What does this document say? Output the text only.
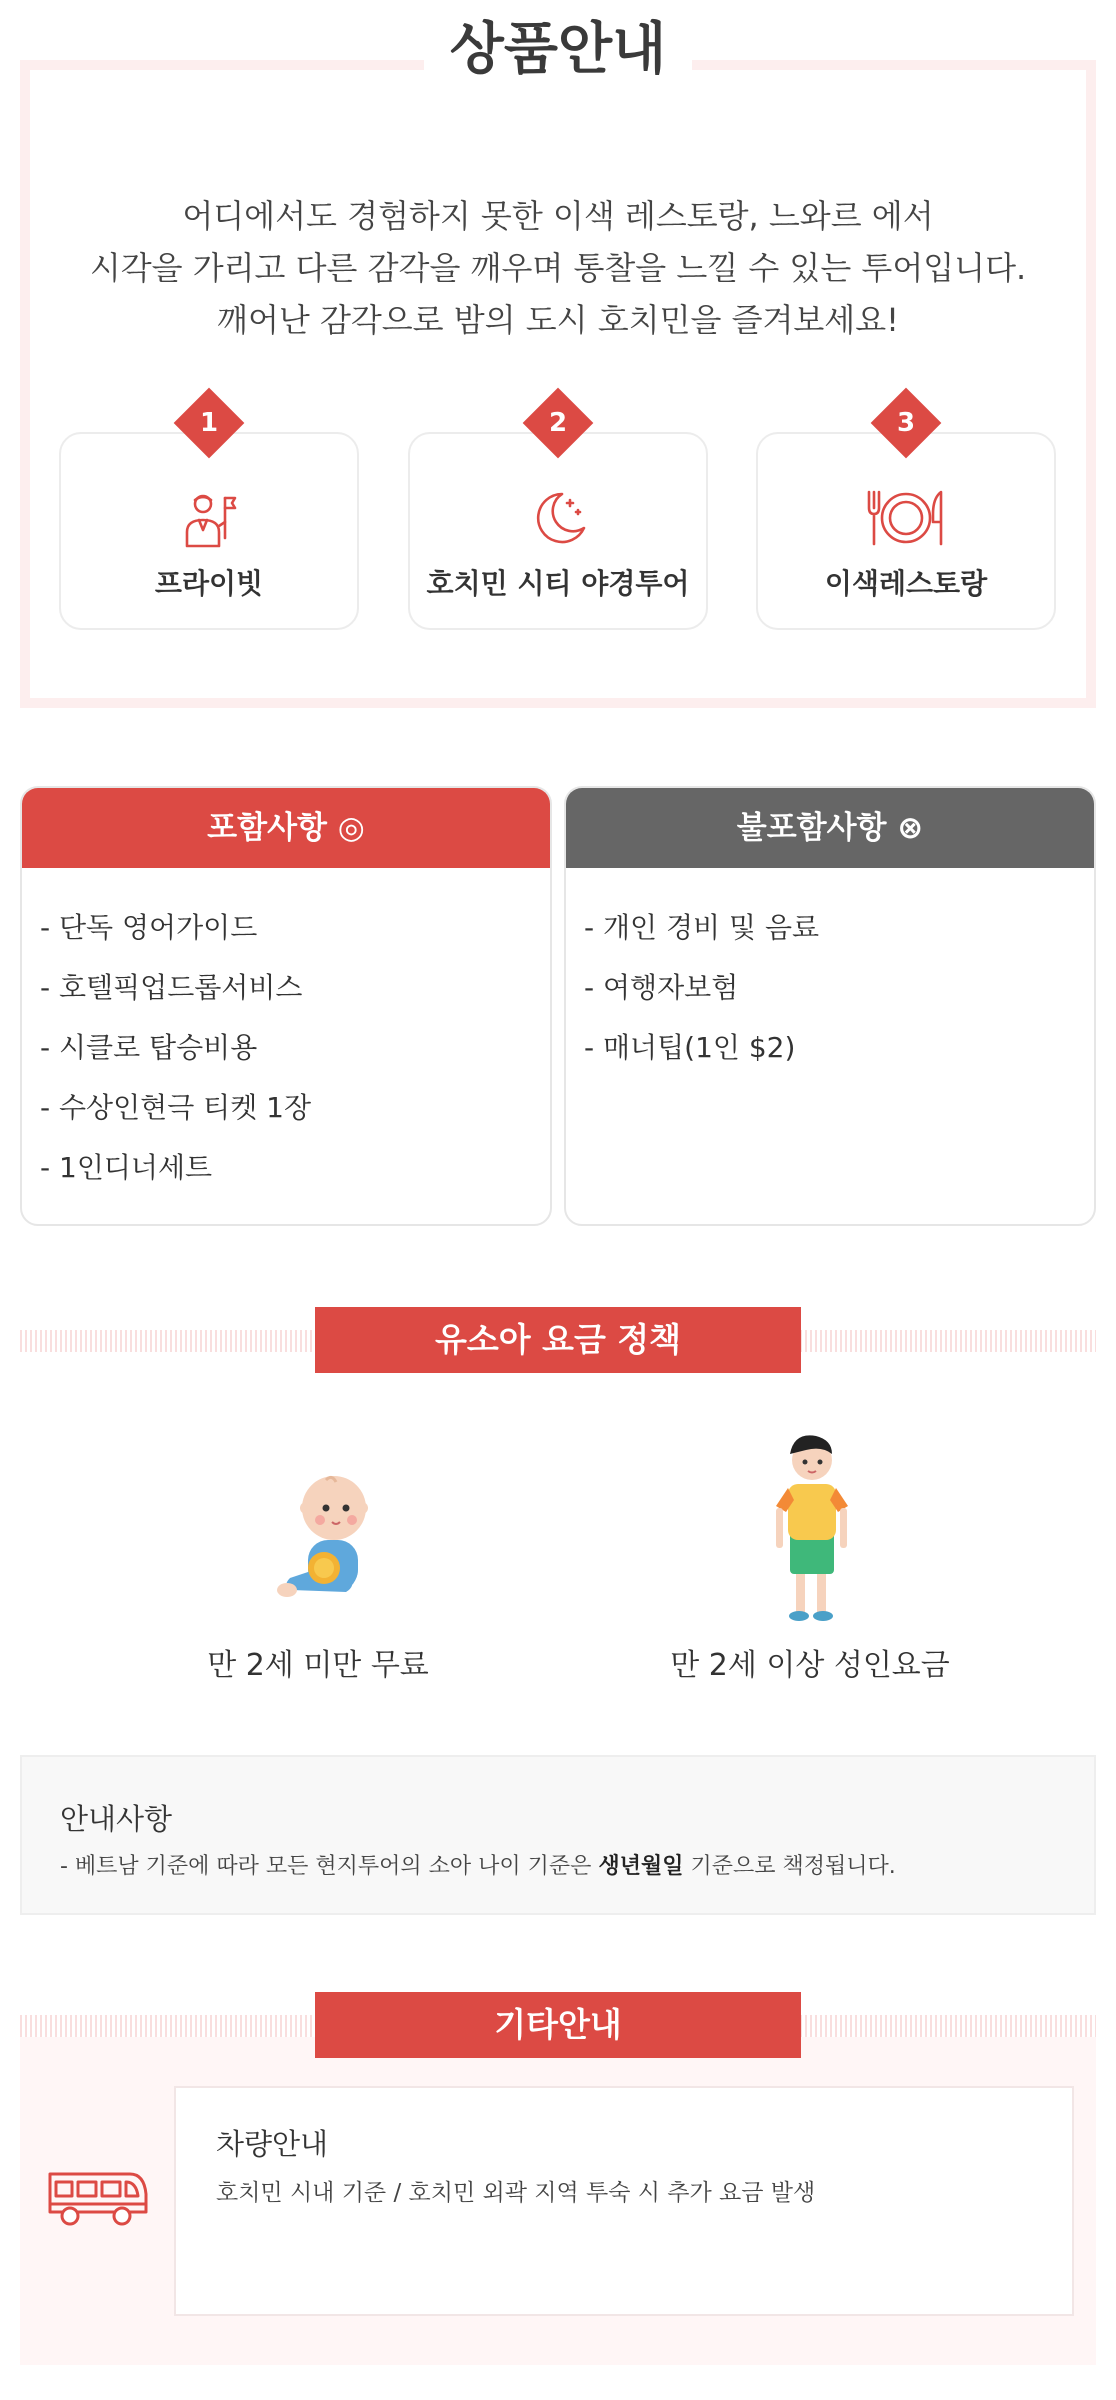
상품안내
어디에서도 경험하지 못한 이색 레스토랑, 느와르 에서
시각을 가리고 다른 감각을 깨우며 통찰을 느낄 수 있는 투어입니다.
깨어난 감각으로 밤의 도시 호치민을 즐겨보세요!
프라이빗
1
호치민 시티 야경투어
2
이색레스토랑
3
포함사항 ◎
- 단독 영어가이드
- 호텔픽업드롭서비스
- 시클로 탑승비용
- 수상인현극 티켓 1장
- 1인디너세트
불포함사항 ⊗
- 개인 경비 및 음료
- 여행자보험
- 매너팁(1인 $2)
유소아 요금 정책
만 2세 미만 무료	만 2세 이상 성인요금
안내사항
- 베트남 기준에 따라 모든 현지투어의 소아 나이 기준은 생년월일 기준으로 책정됩니다.
기타안내
차량안내
호치민 시내 기준 / 호치민 외곽 지역 투숙 시 추가 요금 발생
